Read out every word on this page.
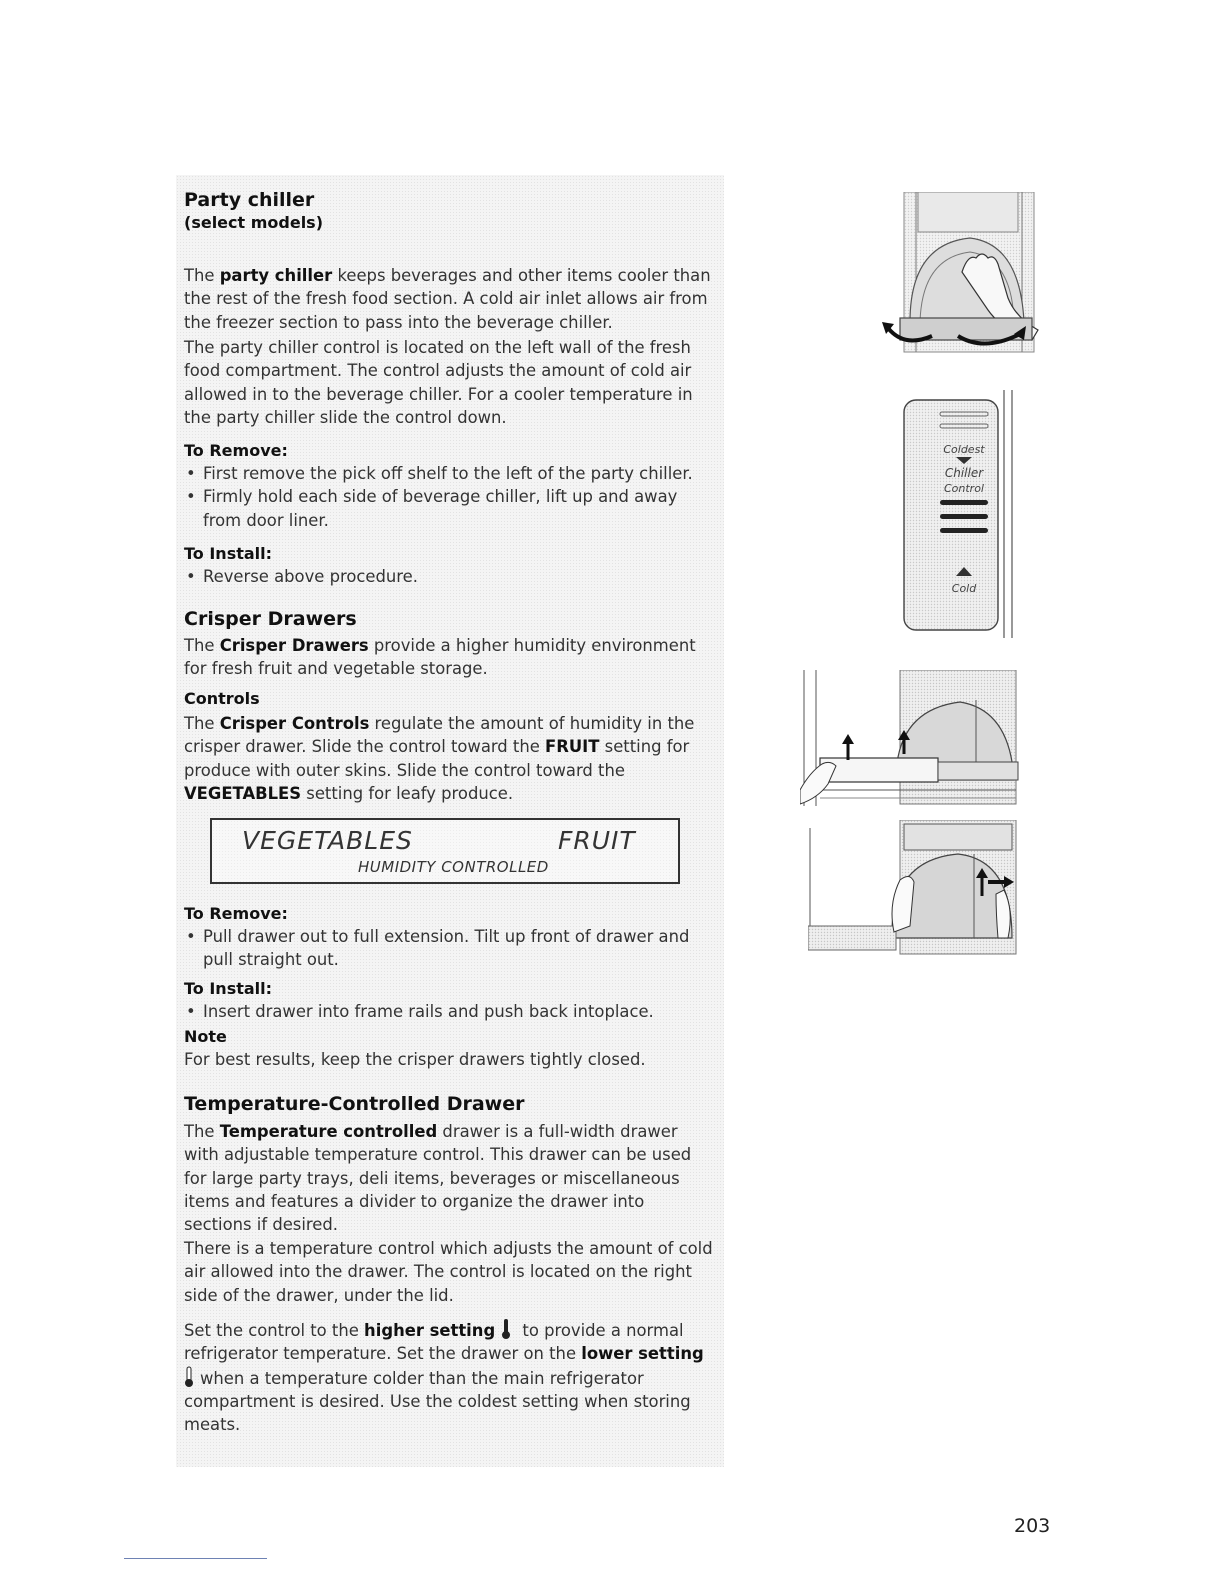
Party chiller
(select models)

The party chiller keeps beverages and other items cooler than the rest of the fresh food section. A cold air inlet allows air from the freezer section to pass into the beverage chiller.

The party chiller control is located on the left wall of the fresh food compartment. The control adjusts the amount of cold air allowed in to the beverage chiller. For a cooler temperature in the party chiller slide the control down.

To Remove:
• First remove the pick off shelf to the left of the party chiller.
• Firmly hold each side of beverage chiller, lift up and away from door liner.
To Install:
• Reverse above procedure.
Crisper Drawers

The Crisper Drawers provide a higher humidity environment for fresh fruit and vegetable storage.

Controls

The Crisper Controls regulate the amount of humidity in the crisper drawer. Slide the control toward the FRUIT setting for produce with outer skins. Slide the control toward the VEGETABLES setting for leafy produce.

VEGETABLES	FRUIT
HUMIDITY CONTROLLED
To Remove:
• Pull drawer out to full extension. Tilt up front of drawer and pull straight out.
To Install:
• Insert drawer into frame rails and push back intoplace.
Note
For best results, keep the crisper drawers tightly closed.
Temperature-Controlled Drawer

The Temperature controlled drawer is a full-width drawer with adjustable temperature control. This drawer can be used for large party trays, deli items, beverages or miscellaneous items and features a divider to organize the drawer into sections if desired.

There is a temperature control which adjusts the amount of cold air allowed into the drawer. The control is located on the right side of the drawer, under the lid.

Set the control to the higher setting to provide a normal refrigerator temperature. Set the drawer on the lower setting
when a temperature colder than the main refrigerator compartment is desired. Use the coldest setting when storing meats.

Coldest
Chiller
Control
Cold
203
